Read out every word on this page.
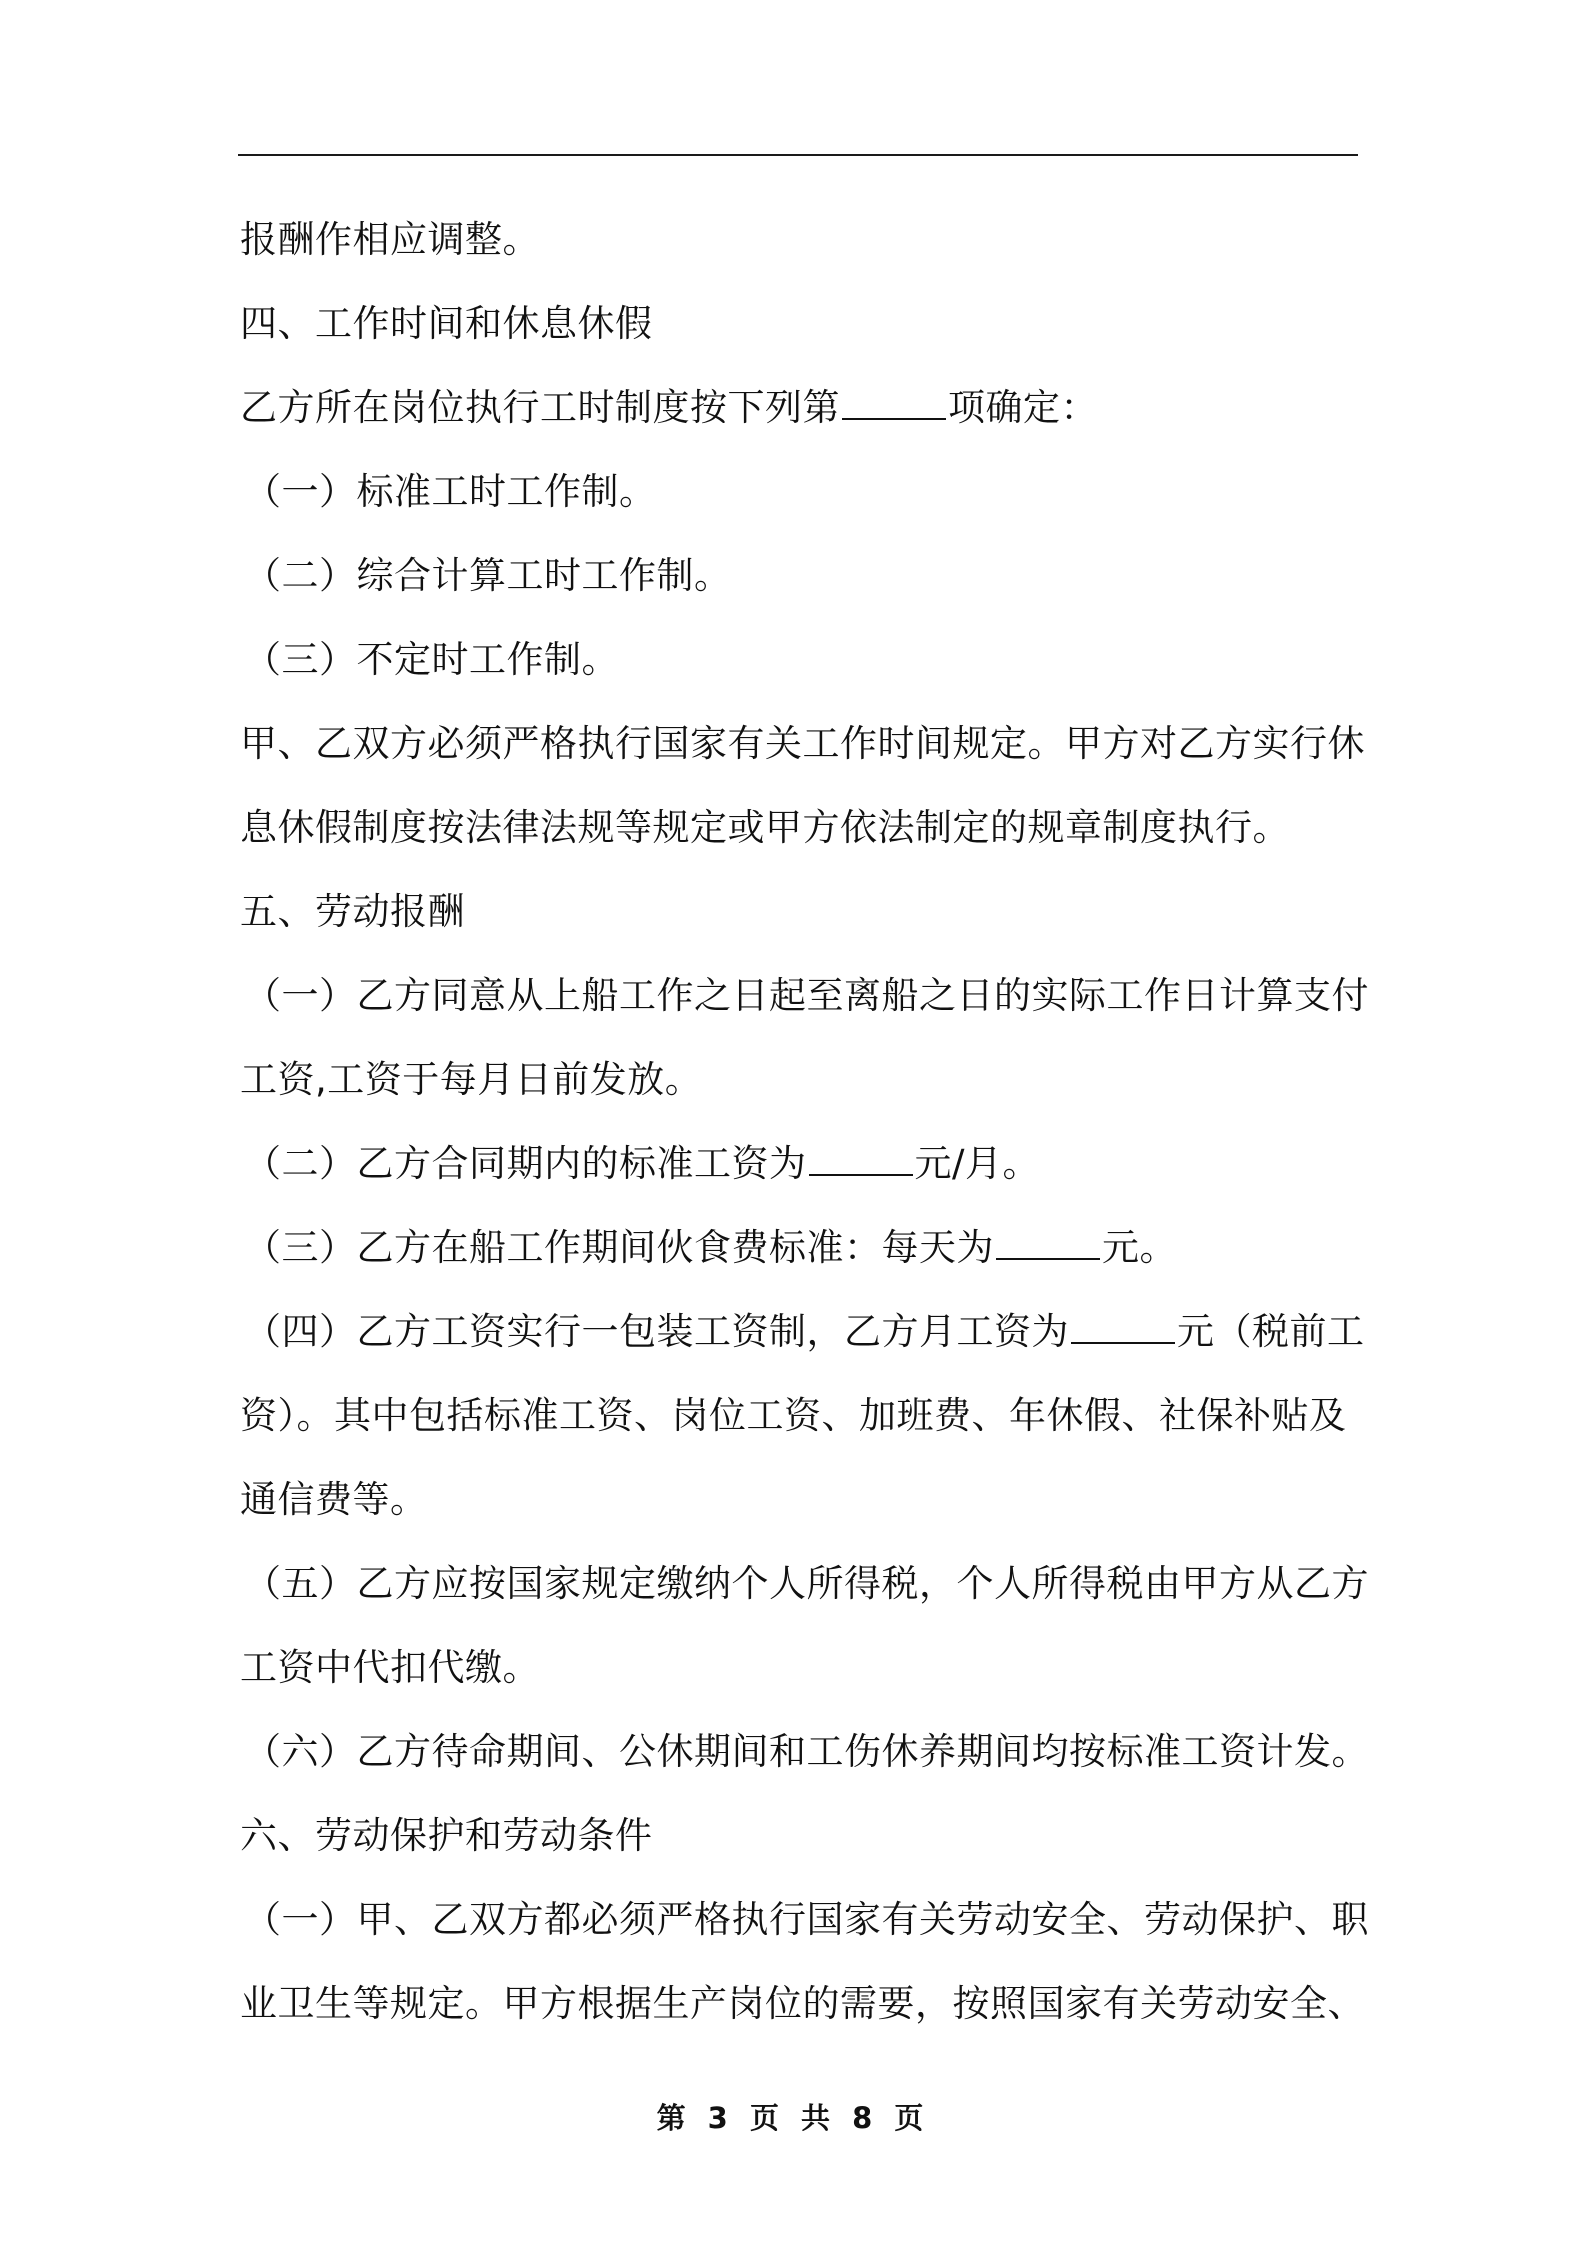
报酬作相应调整。
四、工作时间和休息休假
乙方所在岗位执行工时制度按下列第	项确定：
（一）标准工时工作制。
（二）综合计算工时工作制。
（三）不定时工作制。
甲、乙双方必须严格执行国家有关工作时间规定。甲方对乙方实行休
息休假制度按法律法规等规定或甲方依法制定的规章制度执行。
五、劳动报酬
（一）乙方同意从上船工作之日起至离船之日的实际工作日计算支付
工资,工资于每月日前发放。
（二）乙方合同期内的标准工资为	元/月。
（三）乙方在船工作期间伙食费标准：每天为	元。
（四）乙方工资实行一包装工资制，乙方月工资为	元（税前工
资）。其中包括标准工资、岗位工资、加班费、年休假、社保补贴及
通信费等。
（五）乙方应按国家规定缴纳个人所得税，个人所得税由甲方从乙方
工资中代扣代缴。
（六）乙方待命期间、公休期间和工伤休养期间均按标准工资计发。
六、劳动保护和劳动条件
（一）甲、乙双方都必须严格执行国家有关劳动安全、劳动保护、职
业卫生等规定。甲方根据生产岗位的需要，按照国家有关劳动安全、
第 3 页 共 8 页
